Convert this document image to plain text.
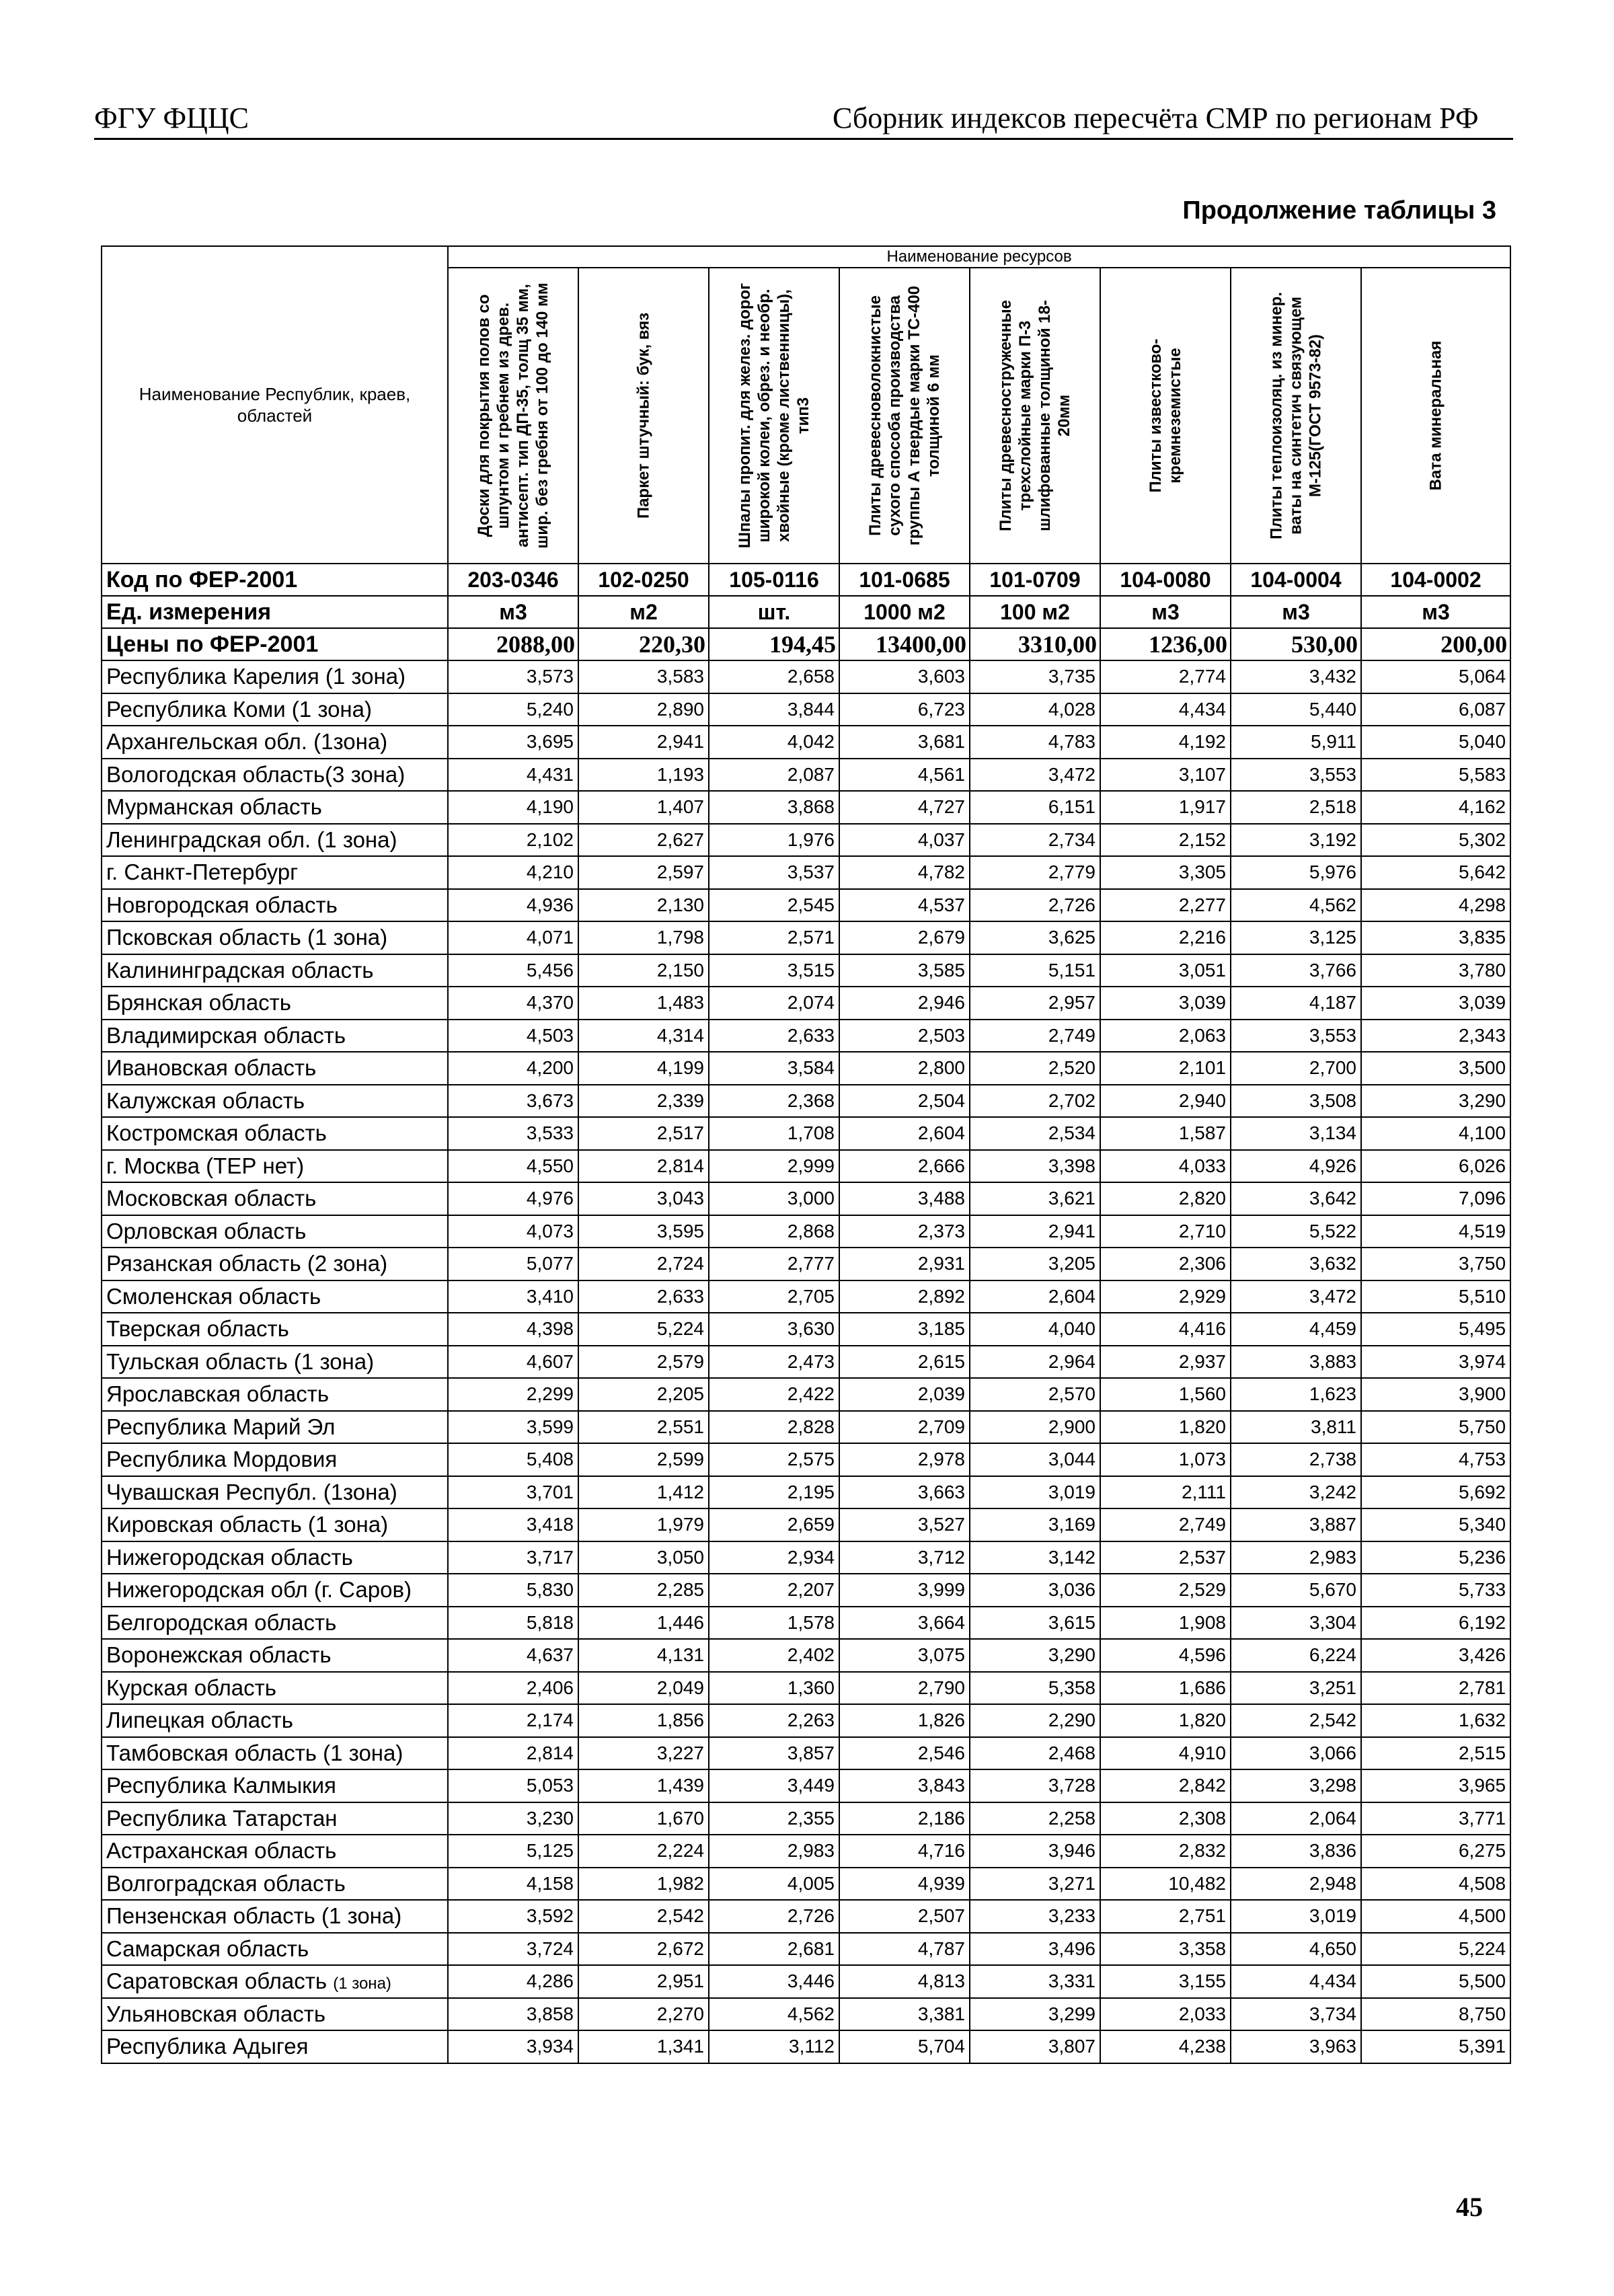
ФГУ ФЦЦС	Сборник индексов пересчёта СМР по регионам РФ
Продолжение таблицы 3
Наименование Республик, краев, областей	Наименование ресурсов							

	Доски для покрытия полов со шпунтом и гребнем из древ. антисепт. тип ДП-35, толщ 35 мм, шир. без гребня от 100 до 140 мм	Паркет штучный: бук, вяз	Шпалы пропит. для желез. дорог широкой колеи, обрез. и необр. хвойные (кроме лиственницы), тип3	Плиты древесноволокнистые сухого способа производства группы А твердые марки ТС-400 толщиной 6 мм	Плиты древесностружечные трехслойные марки П-3 шлифованные толщиной 18-20мм	Плиты известково-кремнеземистые	Плиты теплоизоляц. из минер. ваты на синтетич связующем М-125(ГОСТ 9573-82)	Вата минеральная

Код по ФЕР-2001	203-0346	102-0250	105-0116	101-0685	101-0709	104-0080	104-0004	104-0002
Ед. измерения	м3	м2	шт.	1000 м2	100 м2	м3	м3	м3
Цены по ФЕР-2001	2088,00	220,30	194,45	13400,00	3310,00	1236,00	530,00	200,00
Республика Карелия (1 зона)	3,573	3,583	2,658	3,603	3,735	2,774	3,432	5,064
Республика Коми (1 зона)	5,240	2,890	3,844	6,723	4,028	4,434	5,440	6,087
Архангельская обл. (1зона)	3,695	2,941	4,042	3,681	4,783	4,192	5,911	5,040
Вологодская область(3 зона)	4,431	1,193	2,087	4,561	3,472	3,107	3,553	5,583
Мурманская область	4,190	1,407	3,868	4,727	6,151	1,917	2,518	4,162
Ленинградская обл. (1 зона)	2,102	2,627	1,976	4,037	2,734	2,152	3,192	5,302
г. Санкт-Петербург	4,210	2,597	3,537	4,782	2,779	3,305	5,976	5,642
Новгородская область	4,936	2,130	2,545	4,537	2,726	2,277	4,562	4,298
Псковская область (1 зона)	4,071	1,798	2,571	2,679	3,625	2,216	3,125	3,835
Калининградская область	5,456	2,150	3,515	3,585	5,151	3,051	3,766	3,780
Брянская область	4,370	1,483	2,074	2,946	2,957	3,039	4,187	3,039
Владимирская область	4,503	4,314	2,633	2,503	2,749	2,063	3,553	2,343
Ивановская область	4,200	4,199	3,584	2,800	2,520	2,101	2,700	3,500
Калужская область	3,673	2,339	2,368	2,504	2,702	2,940	3,508	3,290
Костромская область	3,533	2,517	1,708	2,604	2,534	1,587	3,134	4,100
г. Москва (ТЕР нет)	4,550	2,814	2,999	2,666	3,398	4,033	4,926	6,026
Московская область	4,976	3,043	3,000	3,488	3,621	2,820	3,642	7,096
Орловская область	4,073	3,595	2,868	2,373	2,941	2,710	5,522	4,519
Рязанская область (2 зона)	5,077	2,724	2,777	2,931	3,205	2,306	3,632	3,750
Смоленская область	3,410	2,633	2,705	2,892	2,604	2,929	3,472	5,510
Тверская область	4,398	5,224	3,630	3,185	4,040	4,416	4,459	5,495
Тульская область (1 зона)	4,607	2,579	2,473	2,615	2,964	2,937	3,883	3,974
Ярославская область	2,299	2,205	2,422	2,039	2,570	1,560	1,623	3,900
Республика Марий Эл	3,599	2,551	2,828	2,709	2,900	1,820	3,811	5,750
Республика Мордовия	5,408	2,599	2,575	2,978	3,044	1,073	2,738	4,753
Чувашская Республ. (1зона)	3,701	1,412	2,195	3,663	3,019	2,111	3,242	5,692
Кировская область (1 зона)	3,418	1,979	2,659	3,527	3,169	2,749	3,887	5,340
Нижегородская область	3,717	3,050	2,934	3,712	3,142	2,537	2,983	5,236
Нижегородская обл (г. Саров)	5,830	2,285	2,207	3,999	3,036	2,529	5,670	5,733
Белгородская область	5,818	1,446	1,578	3,664	3,615	1,908	3,304	6,192
Воронежская область	4,637	4,131	2,402	3,075	3,290	4,596	6,224	3,426
Курская область	2,406	2,049	1,360	2,790	5,358	1,686	3,251	2,781
Липецкая область	2,174	1,856	2,263	1,826	2,290	1,820	2,542	1,632
Тамбовская область (1 зона)	2,814	3,227	3,857	2,546	2,468	4,910	3,066	2,515
Республика Калмыкия	5,053	1,439	3,449	3,843	3,728	2,842	3,298	3,965
Республика Татарстан	3,230	1,670	2,355	2,186	2,258	2,308	2,064	3,771
Астраханская область	5,125	2,224	2,983	4,716	3,946	2,832	3,836	6,275
Волгоградская область	4,158	1,982	4,005	4,939	3,271	10,482	2,948	4,508
Пензенская область (1 зона)	3,592	2,542	2,726	2,507	3,233	2,751	3,019	4,500
Самарская область	3,724	2,672	2,681	4,787	3,496	3,358	4,650	5,224
Саратовская область (1 зона)	4,286	2,951	3,446	4,813	3,331	3,155	4,434	5,500
Ульяновская область	3,858	2,270	4,562	3,381	3,299	2,033	3,734	8,750
Республика Адыгея	3,934	1,341	3,112	5,704	3,807	4,238	3,963	5,391
45
